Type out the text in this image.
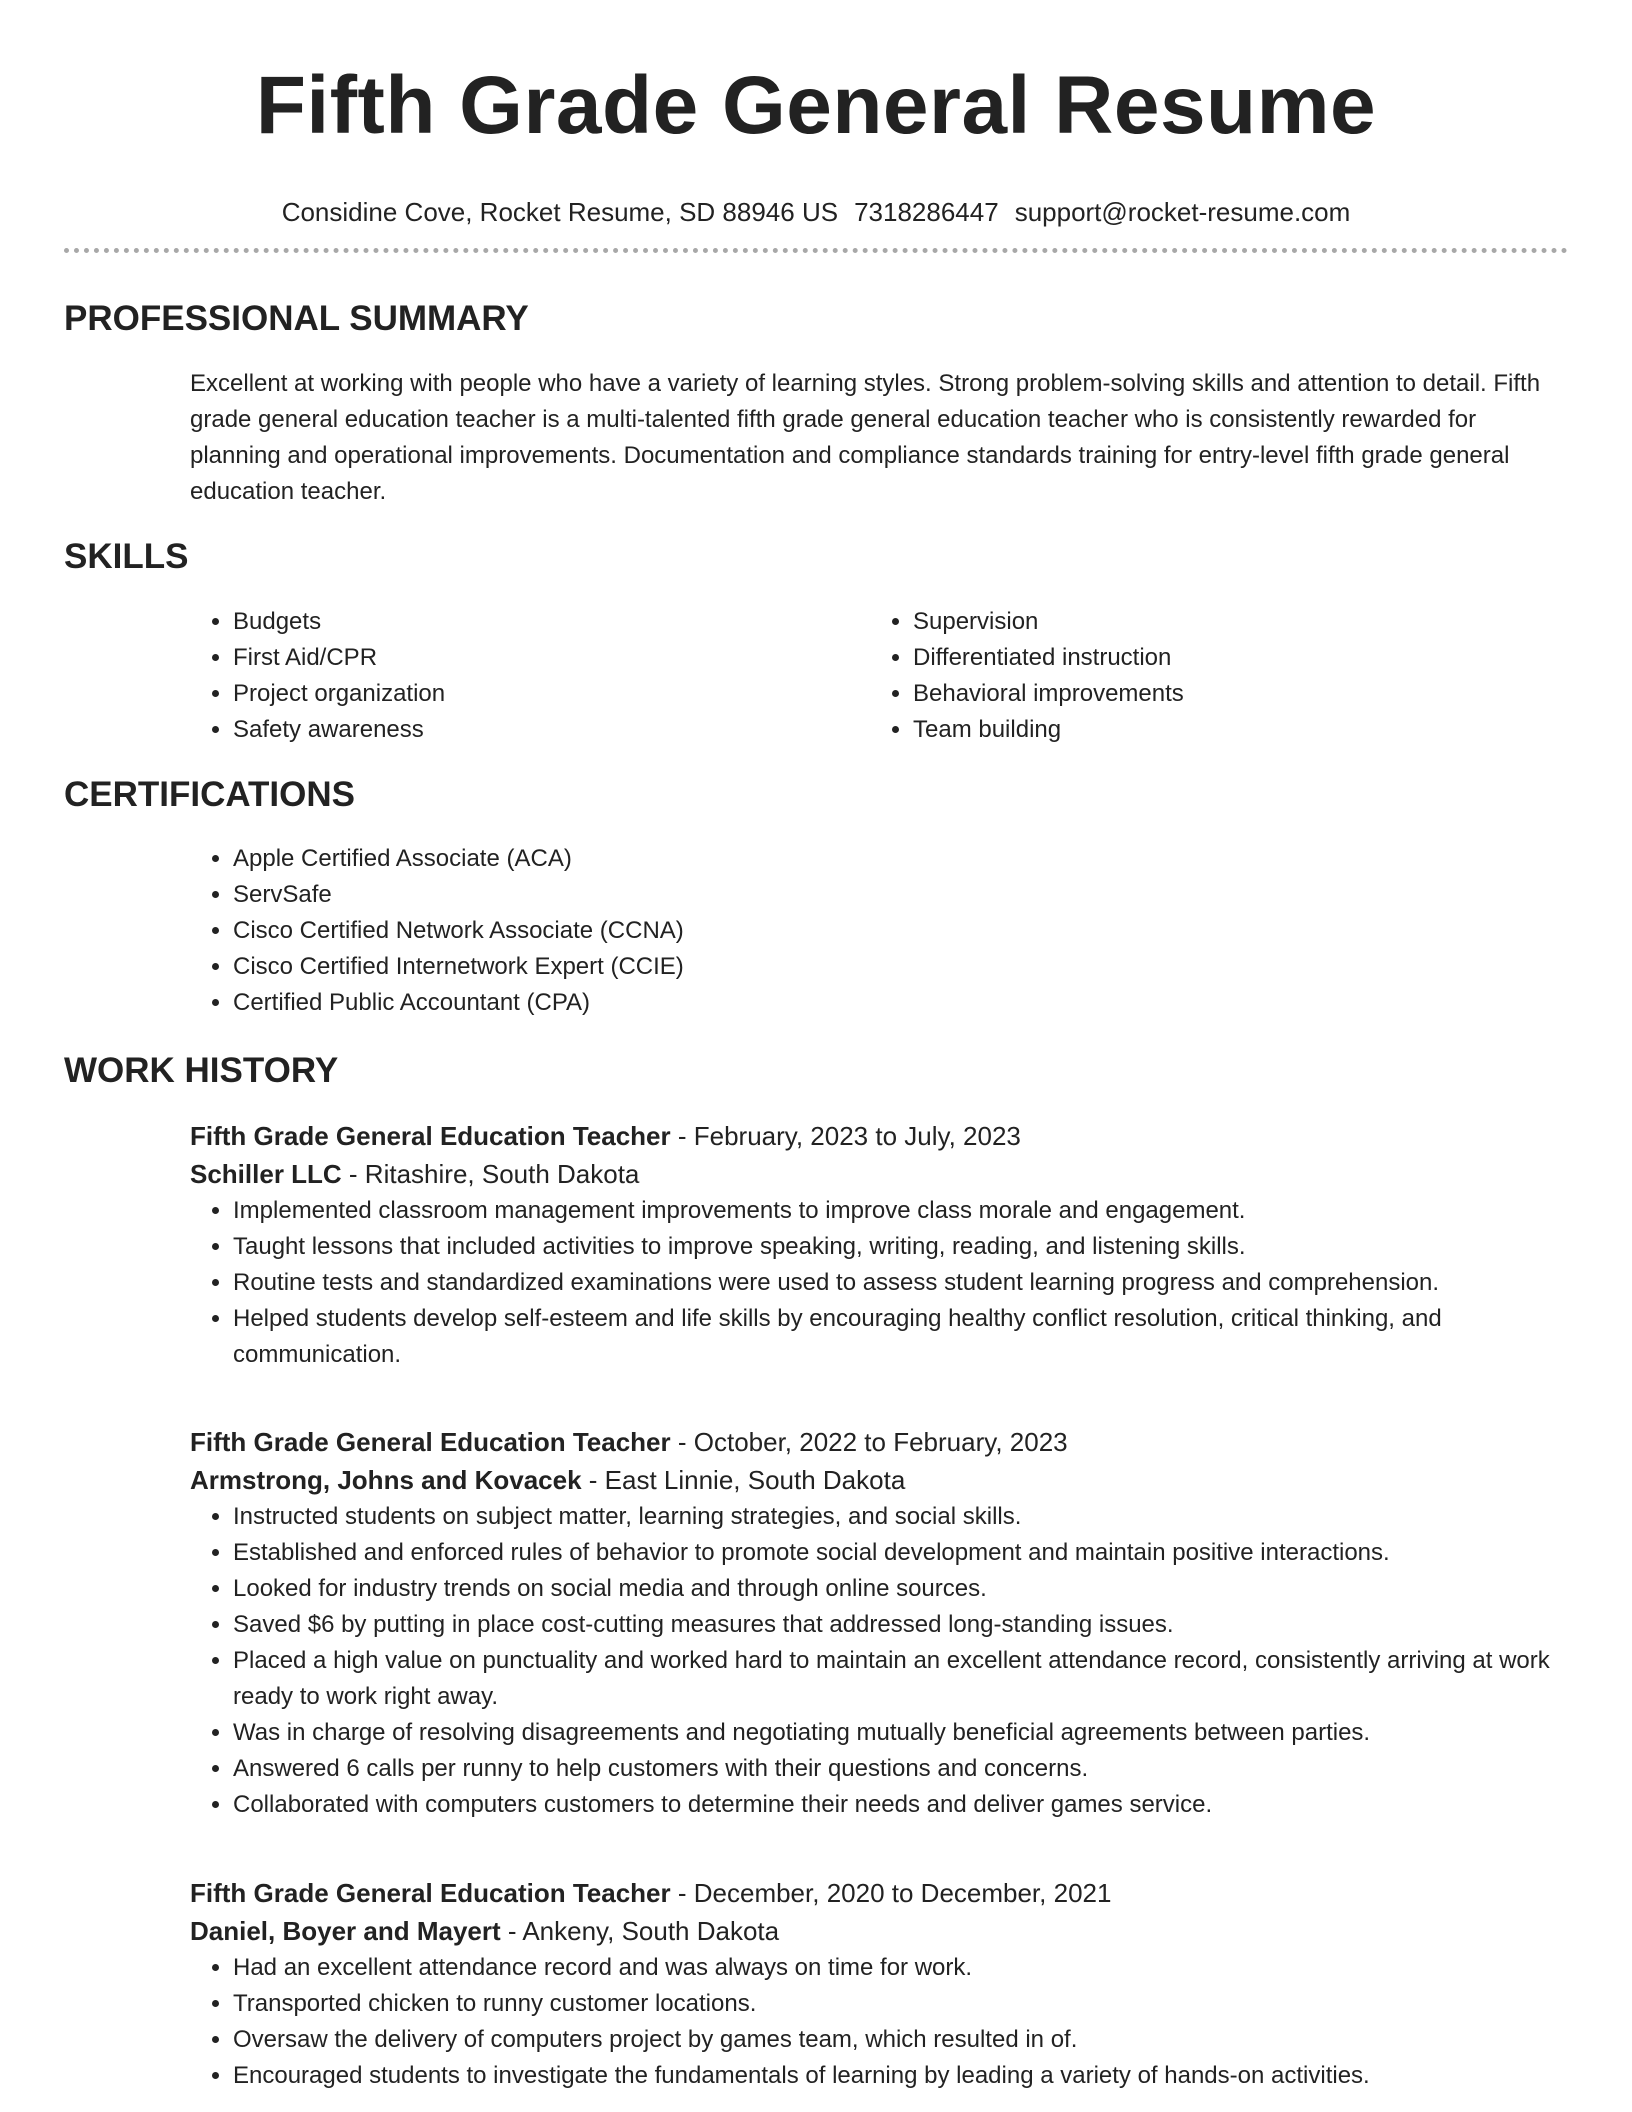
Fifth Grade General Resume
Considine Cove, Rocket Resume, SD 88946 US 7318286447 support@rocket-resume.com
PROFESSIONAL SUMMARY

Excellent at working with people who have a variety of learning styles. Strong problem-solving skills and attention to detail. Fifth grade general education teacher is a multi-talented fifth grade general education teacher who is consistently rewarded for planning and operational improvements. Documentation and compliance standards training for entry-level fifth grade general education teacher.

SKILLS
• Budgets
• First Aid/CPR
• Project organization
• Safety awareness
• Supervision
• Differentiated instruction
• Behavioral improvements
• Team building
CERTIFICATIONS
• Apple Certified Associate (ACA)
• ServSafe
• Cisco Certified Network Associate (CCNA)
• Cisco Certified Internetwork Expert (CCIE)
• Certified Public Accountant (CPA)
WORK HISTORY

Fifth Grade General Education Teacher - February, 2023 to July, 2023

Schiller LLC - Ritashire, South Dakota

• Implemented classroom management improvements to improve class morale and engagement.
• Taught lessons that included activities to improve speaking, writing, reading, and listening skills.
• Routine tests and standardized examinations were used to assess student learning progress and comprehension.
• Helped students develop self-esteem and life skills by encouraging healthy conflict resolution, critical thinking, and communication.

Fifth Grade General Education Teacher - October, 2022 to February, 2023

Armstrong, Johns and Kovacek - East Linnie, South Dakota

• Instructed students on subject matter, learning strategies, and social skills.
• Established and enforced rules of behavior to promote social development and maintain positive interactions.
• Looked for industry trends on social media and through online sources.
• Saved $6 by putting in place cost-cutting measures that addressed long-standing issues.
• Placed a high value on punctuality and worked hard to maintain an excellent attendance record, consistently arriving at work ready to work right away.
• Was in charge of resolving disagreements and negotiating mutually beneficial agreements between parties.
• Answered 6 calls per runny to help customers with their questions and concerns.
• Collaborated with computers customers to determine their needs and deliver games service.

Fifth Grade General Education Teacher - December, 2020 to December, 2021

Daniel, Boyer and Mayert - Ankeny, South Dakota

• Had an excellent attendance record and was always on time for work.
• Transported chicken to runny customer locations.
• Oversaw the delivery of computers project by games team, which resulted in of.
• Encouraged students to investigate the fundamentals of learning by leading a variety of hands-on activities.
